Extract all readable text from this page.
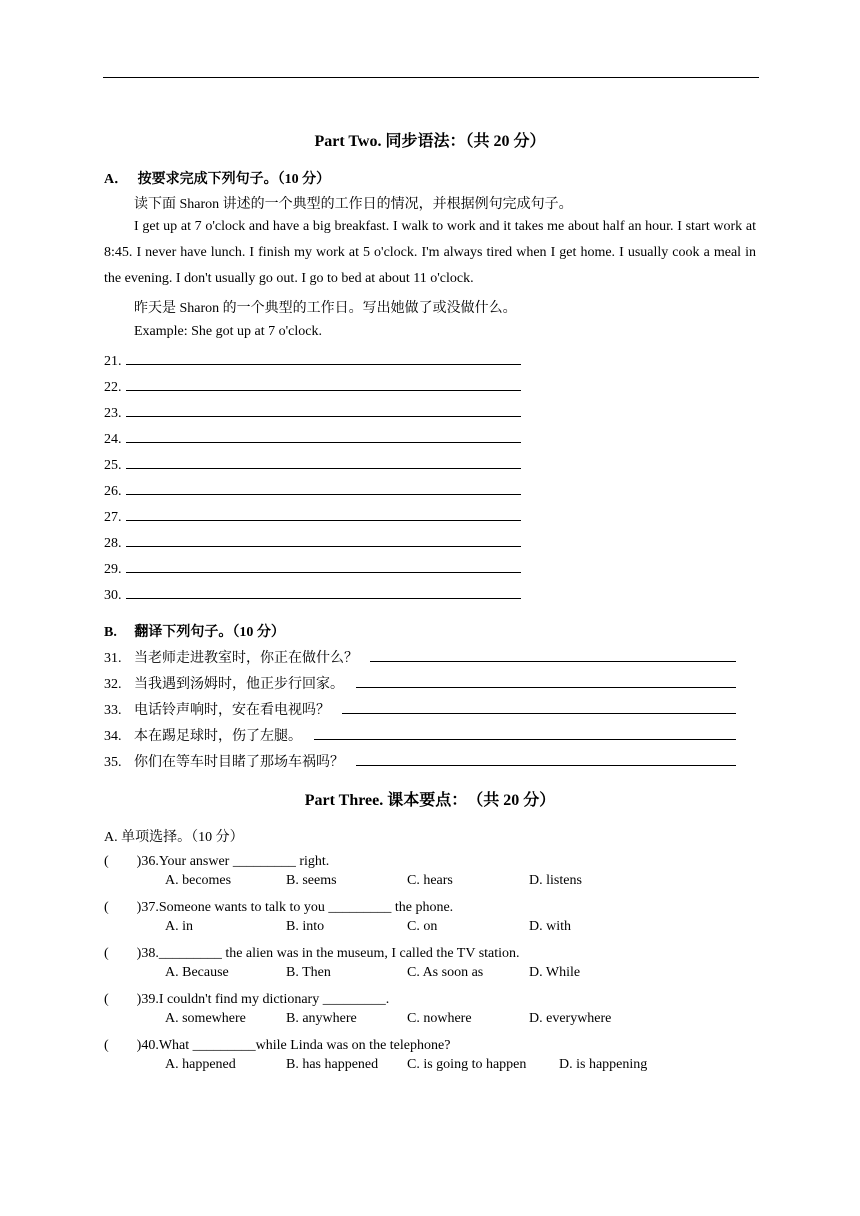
Part Two. 同步语法：（共 20 分）
A． 按要求完成下列句子。（10 分）
读下面 Sharon 讲述的一个典型的工作日的情况，并根据例句完成句子。
I get up at 7 o'clock and have a big breakfast. I walk to work and it takes me about half an hour. I start work at 8:45. I never have lunch. I finish my work at 5 o'clock. I'm always tired when I get home. I usually cook a meal in the evening. I don't usually go out. I go to bed at about 11 o'clock.
昨天是 Sharon 的一个典型的工作日。写出她做了或没做什么。
Example: She got up at 7 o'clock.
21.
22.
23.
24.
25.
26.
27.
28.
29.
30.
B. 翻译下列句子。（10 分）
31. 当老师走进教室时，你正在做什么？
32. 当我遇到汤姆时，他正步行回家。
33. 电话铃声响时，安在看电视吗？
34. 本在踢足球时，伤了左腿。
35. 你们在等车时目睹了那场车祸吗？
Part Three. 课本要点：　（共 20 分）
A. 单项选择。（10 分）
(　　)36.Your answer _________ right.
A. becomes	B. seems	C. hears	D. listens
(　　)37.Someone wants to talk to you _________ the phone.
A. in	B. into	C. on	D. with
(　　)38._________ the alien was in the museum, I called the TV station.
A. Because	B. Then	C. As soon as	D. While
(　　)39.I couldn't find my dictionary _________.
A. somewhere	B. anywhere	C. nowhere	D. everywhere
(　　)40.What _________while Linda was on the telephone?
A. happened	B. has happened C. is going to happen D. is happening
